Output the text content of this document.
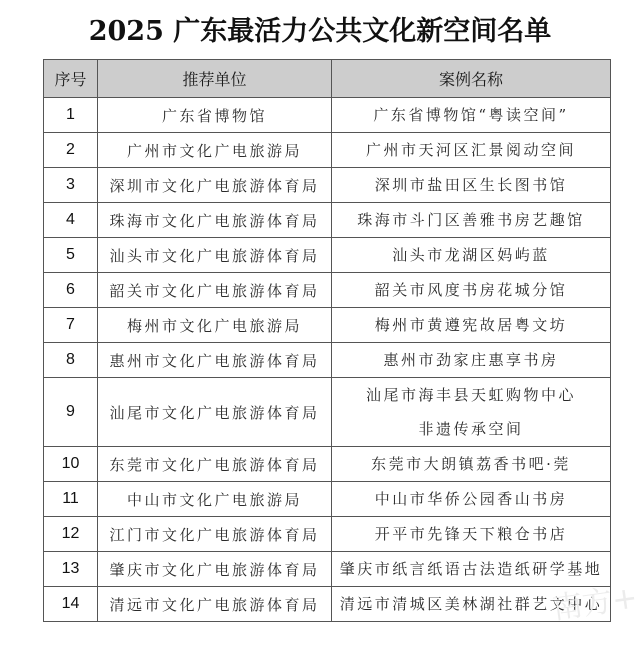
2025 广东最活力公共文化新空间名单
序号	推荐单位	案例名称
1	广东省博物馆	广东省博物馆“粤读空间”

2	广州市文化广电旅游局	广州市天河区汇景阅动空间

3	深圳市文化广电旅游体育局	深圳市盐田区生长图书馆

4	珠海市文化广电旅游体育局	珠海市斗门区善雅书房艺趣馆

5	汕头市文化广电旅游体育局	汕头市龙湖区妈屿蓝

6	韶关市文化广电旅游体育局	韶关市风度书房花城分馆

7	梅州市文化广电旅游局	梅州市黄遵宪故居粤文坊

8	惠州市文化广电旅游体育局	惠州市劲家庄惠享书房

9	汕尾市文化广电旅游体育局	汕尾市海丰县天虹购物中心
非遗传承空间

10	东莞市文化广电旅游体育局	东莞市大朗镇荔香书吧·莞

11	中山市文化广电旅游局	中山市华侨公园香山书房

12	江门市文化广电旅游体育局	开平市先锋天下粮仓书店

13	肇庆市文化广电旅游体育局	肇庆市纸言纸语古法造纸研学基地

14	清远市文化广电旅游体育局	清远市清城区美林湖社群艺文中心
南方+
